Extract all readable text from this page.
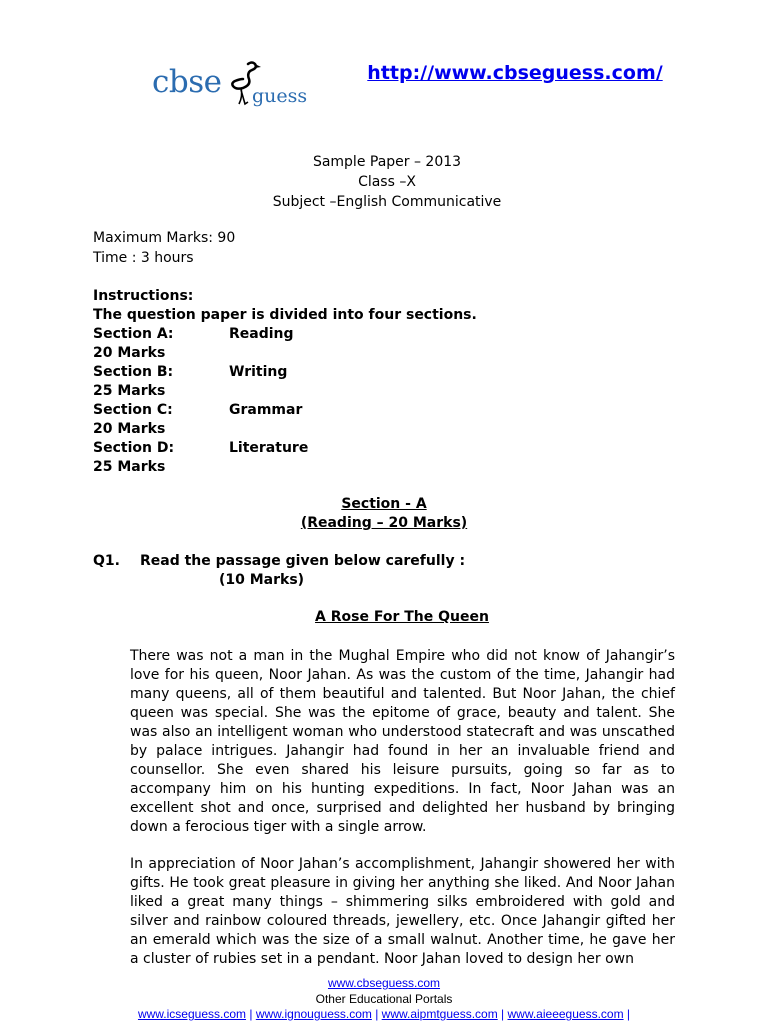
cbse guess
http://www.cbseguess.com/
Sample Paper – 2013
Class –X
Subject –English Communicative
Maximum Marks: 90
Time : 3 hours
Instructions:
The question paper is divided into four sections.
Section A:	Reading
20 Marks
Section B:	Writing
25 Marks
Section C:	Grammar
20 Marks
Section D:	Literature
25 Marks
Section - A
(Reading – 20 Marks)
Q1. Read the passage given below carefully :
(10 Marks)
A Rose For The Queen

There was not a man in the Mughal Empire who did not know of Jahangir’s love for his queen, Noor Jahan. As was the custom of the time, Jahangir had many queens, all of them beautiful and talented. But Noor Jahan, the chief queen was special. She was the epitome of grace, beauty and talent. She was also an intelligent woman who understood statecraft and was unscathed by palace intrigues. Jahangir had found in her an invaluable friend and counsellor. She even shared his leisure pursuits, going so far as to accompany him on his hunting expeditions. In fact, Noor Jahan was an excellent shot and once, surprised and delighted her husband by bringing down a ferocious tiger with a single arrow.

In appreciation of Noor Jahan’s accomplishment, Jahangir showered her with gifts. He took great pleasure in giving her anything she liked. And Noor Jahan liked a great many things – shimmering silks embroidered with gold and silver and rainbow coloured threads, jewellery, etc. Once Jahangir gifted her an emerald which was the size of a small walnut. Another time, he gave her a cluster of rubies set in a pendant. Noor Jahan loved to design her own

www.cbseguess.com
Other Educational Portals
www.icseguess.com | www.ignouguess.com | www.aipmtguess.com | www.aieeeguess.com |
